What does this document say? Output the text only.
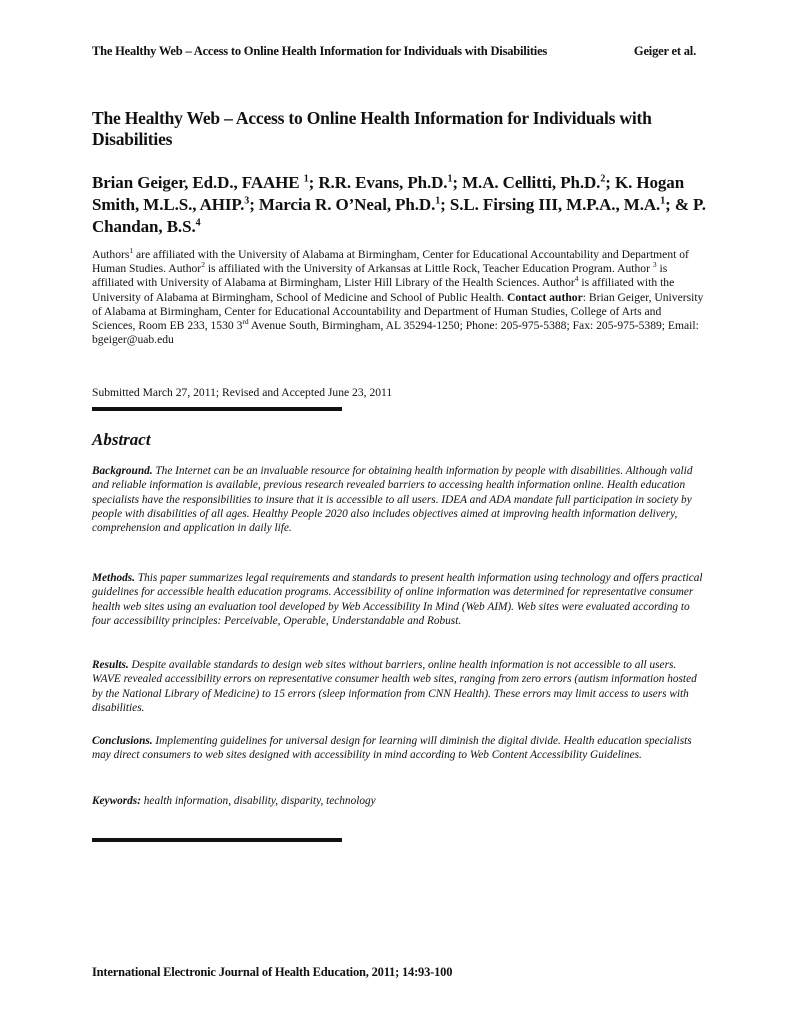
The Healthy Web – Access to Online Health Information for Individuals with Disabilities	Geiger et al.
The Healthy Web – Access to Online Health Information for Individuals with Disabilities
Brian Geiger, Ed.D., FAAHE $^1$; R.R. Evans, Ph.D.$^1$; M.A. Cellitti, Ph.D.$^2$; K. Hogan Smith, M.L.S., AHIP.$^3$; Marcia R. O’Neal, Ph.D.$^1$; S.L. Firsing III, M.P.A., M.A.$^1$; & P. Chandan, B.S.$^4$
Authors$^1$ are affiliated with the University of Alabama at Birmingham, Center for Educational Accountability and Department of Human Studies. Author$^2$ is affiliated with the University of Arkansas at Little Rock, Teacher Education Program. Author $^3$ is affiliated with University of Alabama at Birmingham, Lister Hill Library of the Health Sciences. Author$^4$ is affiliated with the University of Alabama at Birmingham, School of Medicine and School of Public Health. Contact author: Brian Geiger, University of Alabama at Birmingham, Center for Educational Accountability and Department of Human Studies, College of Arts and Sciences, Room EB 233, 1530 3rd Avenue South, Birmingham, AL 35294-1250; Phone: 205-975-5388; Fax: 205-975-5389; Email: bgeiger@uab.edu
Submitted March 27, 2011; Revised and Accepted June 23, 2011
Abstract
Background. The Internet can be an invaluable resource for obtaining health information by people with disabilities. Although valid and reliable information is available, previous research revealed barriers to accessing health information online. Health education specialists have the responsibilities to insure that it is accessible to all users. IDEA and ADA mandate full participation in society by people with disabilities of all ages. Healthy People 2020 also includes objectives aimed at improving health information delivery, comprehension and application in daily life.
Methods. This paper summarizes legal requirements and standards to present health information using technology and offers practical guidelines for accessible health education programs. Accessibility of online information was determined for representative consumer health web sites using an evaluation tool developed by Web Accessibility In Mind (Web AIM). Web sites were evaluated according to four accessibility principles: Perceivable, Operable, Understandable and Robust.
Results. Despite available standards to design web sites without barriers, online health information is not accessible to all users. WAVE revealed accessibility errors on representative consumer health web sites, ranging from zero errors (autism information hosted by the National Library of Medicine) to 15 errors (sleep information from CNN Health). These errors may limit access to users with disabilities.
Conclusions. Implementing guidelines for universal design for learning will diminish the digital divide. Health education specialists may direct consumers to web sites designed with accessibility in mind according to Web Content Accessibility Guidelines.
Keywords: health information, disability, disparity, technology
International Electronic Journal of Health Education, 2011; 14:93-100
